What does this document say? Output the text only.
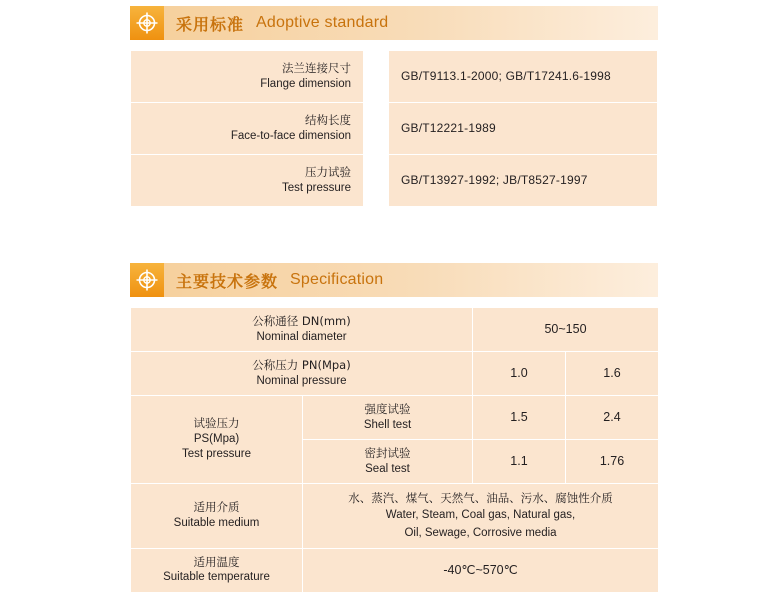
采用标准 Adoptive standard
法兰连接尺寸
Flange dimension		GB/T9113.1-2000; GB/T17241.6-1998

结构长度
Face-to-face dimension		GB/T12221-1989

压力试验
Test pressure		GB/T13927-1992; JB/T8527-1997
主要技术参数 Specification
公称通径 DN(mm)
Nominal diameter		50~150	

公称压力 PN(Mpa)
Nominal pressure		1.0	1.6

试验压力
PS(Mpa)
Test pressure	强度试验
Shell test	1.5	2.4

	密封试验
Seal test	1.1	1.76

适用介质
Suitable medium	水、蒸汽、煤气、天然气、油品、污水、腐蚀性介质
Water, Steam, Coal gas, Natural gas,
Oil, Sewage, Corrosive media		

适用温度
Suitable temperature	-40℃~570℃		
